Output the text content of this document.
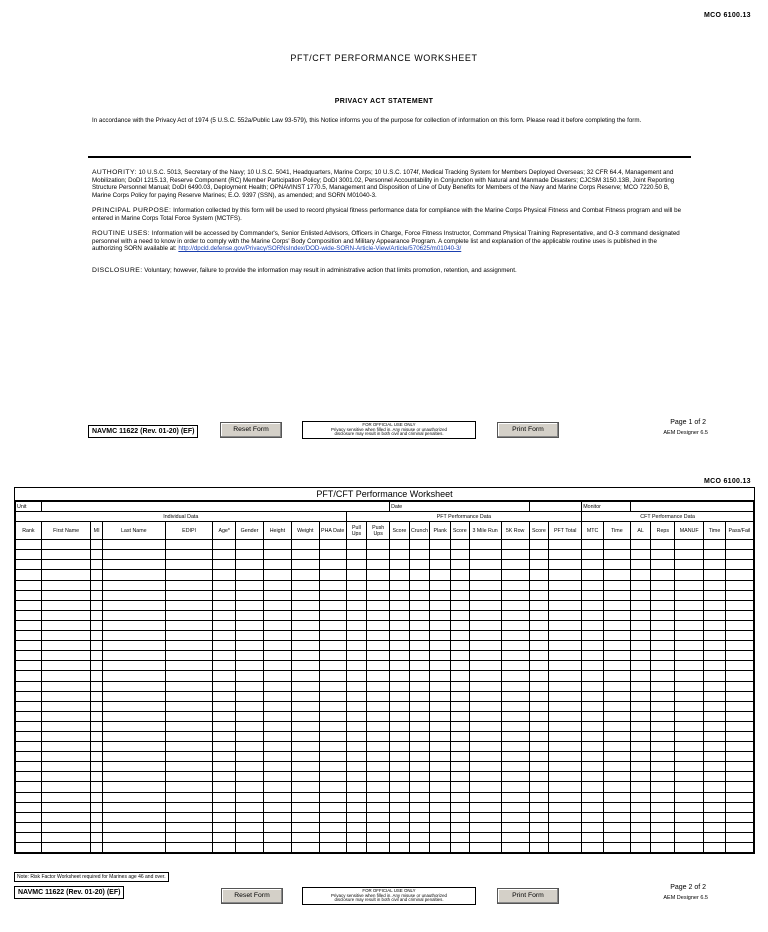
MCO 6100.13
PFT/CFT PERFORMANCE WORKSHEET
PRIVACY ACT STATEMENT
In accordance with the Privacy Act of 1974 (5 U.S.C. 552a/Public Law 93-579), this Notice informs you of the purpose for collection of information on this form. Please read it before completing the form.
AUTHORITY: 10 U.S.C. 5013, Secretary of the Navy; 10 U.S.C. 5041, Headquarters, Marine Corps; 10 U.S.C. 1074f, Medical Tracking System for Members Deployed Overseas; 32 CFR 64.4, Management and Mobilization; DoDI 1215.13, Reserve Component (RC) Member Participation Policy; DoDI 3001.02, Personnel Accountability in Conjunction with Natural and Manmade Disasters; CJCSM 3150.13B, Joint Reporting Structure Personnel Manual; DoDI 6490.03, Deployment Health; OPNAVINST 1770.5, Management and Disposition of Line of Duty Benefits for Members of the Navy and Marine Corps Reserve; MCO 7220.50 B, Marine Corps Policy for paying Reserve Marines; E.O. 9397 (SSN), as amended; and SORN M01040-3.
PRINCIPAL PURPOSE: Information collected by this form will be used to record physical fitness performance data for compliance with the Marine Corps Physical Fitness and Combat Fitness program and will be entered in Marine Corps Total Force System (MCTFS).
ROUTINE USES: Information will be accessed by Commander's, Senior Enlisted Advisors, Officers in Charge, Force Fitness Instructor, Command Physical Training Representative, and O-3 command designated personnel with a need to know in order to comply with the Marine Corps' Body Composition and Military Appearance Program. A complete list and explanation of the applicable routine uses is published in the authorizing SORN available at: http://dpcld.defense.gov/Privacy/SORNsIndex/DOD-wide-SORN-Article-View/Article/570625/m01040-3/
DISCLOSURE: Voluntary; however, failure to provide the information may result in administrative action that limits promotion, retention, and assignment.
NAVMC 11622 (Rev. 01-20) (EF)	Reset Form
FOR OFFICIAL USE ONLY
Privacy sensitive when filled in. Any misuse or unauthorized
disclosure may result in both civil and criminal penalties.
Print Form
Page 1 of 2
AEM Designer 6.5
MCO 6100.13
PFT/CFT Performance Worksheet
Unit												Date								Monitor						
Individual Data										PFT Performance Data										CFT Performance Data						
Rank	First Name	MI	Last Name	EDIPI	Age*	Gender	Height	Weight	PHA Date	Pull Ups	Push Ups	Score	Crunch	Plank	Score	3 Mile Run	5K Row	Score	PFT Total	MTC	Time	AL	Reps	MANUF	Time	Pass/Fail

Note: Risk Factor Worksheet required for Marines age 46 and over.
NAVMC 11622 (Rev. 01-20) (EF)	Reset Form
FOR OFFICIAL USE ONLY
Privacy sensitive when filled in. Any misuse or unauthorized
disclosure may result in both civil and criminal penalties.
Print Form
Page 2 of 2
AEM Designer 6.5
